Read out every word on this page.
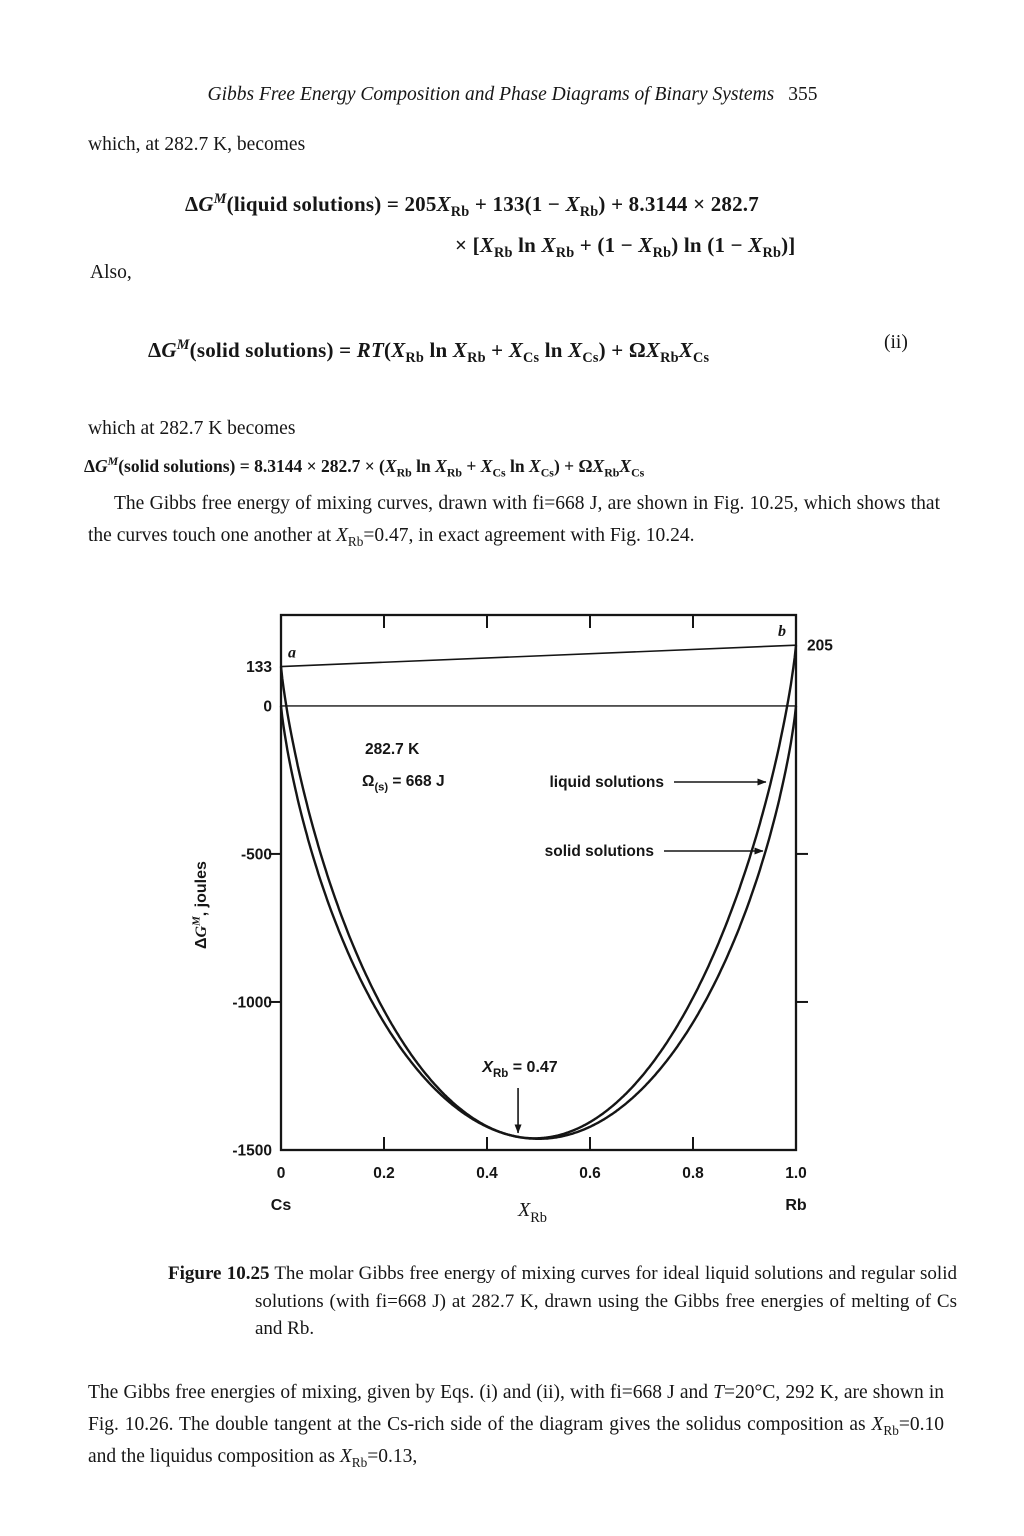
Gibbs Free Energy Composition and Phase Diagrams of Binary Systems 355
which, at 282.7 K, becomes
$\Delta G^M(liquid$ solutions) = $205X_{Rb} + 133(1 - X_{Rb}) + 8.3144 \times 282.7$
× [$X_{Rb}$ $\ln X_{Rb} + (1 - X_{Rb})$ $\ln (1 - X_{Rb})$]
Also,
$\Delta G^M(solid$ solutions) = $RT(X_{Rb}$ $\ln X_{Rb} + X_{Cs}$ $\ln X_{Cs}) + \Omega X_{Rb}X_{Cs}$
(ii)
which at 282.7 K becomes
$\Delta G^M(solid$ solutions) = $8.3144 \times 282.7 \times (X_{Rb}$ $\ln X_{Rb} + X_{Cs}$ $\ln X_{Cs}) + \Omega X_{Rb}X_{Cs}$
The Gibbs free energy of mixing curves, drawn with fi=668 J, are shown in Fig. 10.25, which shows that the curves touch one another at $X_{Rb}=0.47$, in exact agreement with Fig. 10.24.
133
0
-500
-1000
-1500
205
0	0.2	0.4	0.6	0.8	1.0
Cs	Rb
$X_{Rb}$
a
b
282.7 K
$\Omega_{(s)} = 668$ J	liquid solutions
solid solutions
$X_{Rb} = 0.47$
$\Delta G^M$, joules
Figure 10.25 The molar Gibbs free energy of mixing curves for ideal liquid solutions and regular solid solutions (with fi=668 J) at 282.7 K, drawn using the Gibbs free energies of melting of Cs and Rb.
The Gibbs free energies of mixing, given by Eqs. (i) and (ii), with fi=668 J and T=20°C, 292 K, are shown in Fig. 10.26. The double tangent at the Cs-rich side of the diagram gives the solidus composition as $X_{Rb}=0.10$ and the liquidus composition as $X_{Rb}=0.13$,
